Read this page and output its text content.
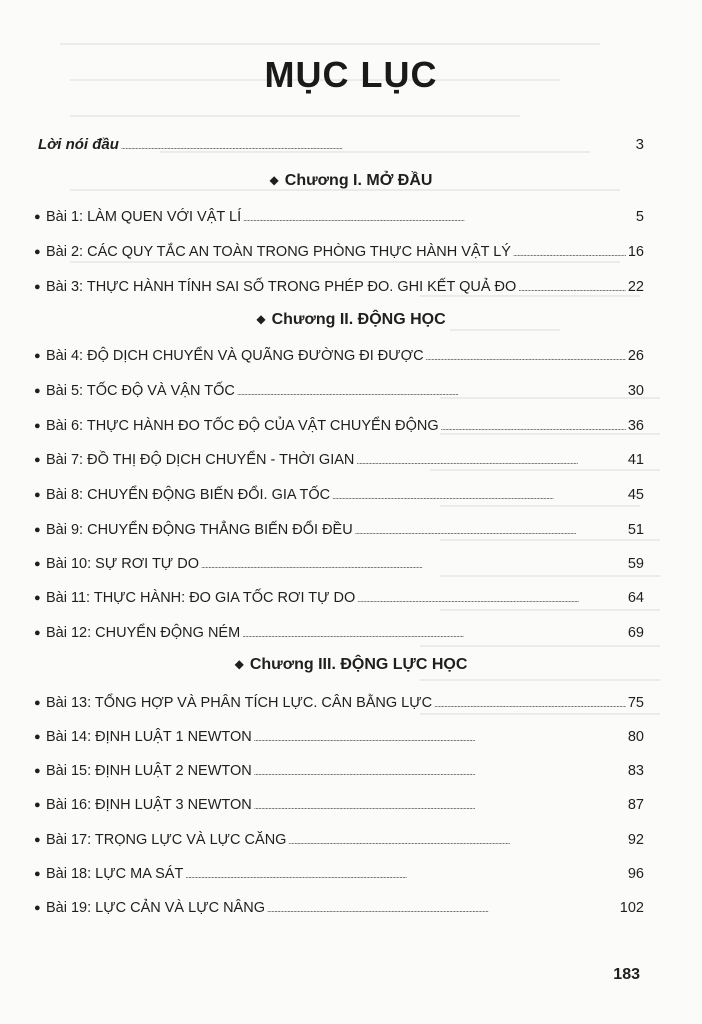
MỤC LỤC
Lời nói đầu . . .	3
◆ Chương I. MỞ ĐẦU
● Bài 1: LÀM QUEN VỚI VẬT LÍ . . .	5
● Bài 2: CÁC QUY TẮC AN TOÀN TRONG PHÒNG THỰC HÀNH VẬT LÝ . . .	16
● Bài 3: THỰC HÀNH TÍNH SAI SỐ TRONG PHÉP ĐO. GHI KẾT QUẢ ĐO . . .	22
◆ Chương II. ĐỘNG HỌC
● Bài 4: ĐỘ DỊCH CHUYỂN VÀ QUÃNG ĐƯỜNG ĐI ĐƯỢC . . .	26
● Bài 5: TỐC ĐỘ VÀ VẬN TỐC . . .	30
● Bài 6: THỰC HÀNH ĐO TỐC ĐỘ CỦA VẬT CHUYỂN ĐỘNG . . .	36
● Bài 7: ĐỒ THỊ ĐỘ DỊCH CHUYỂN - THỜI GIAN . . .	41
● Bài 8: CHUYỂN ĐỘNG BIẾN ĐỔI. GIA TỐC . . .	45
● Bài 9: CHUYỂN ĐỘNG THẲNG BIẾN ĐỔI ĐỀU . . .	51
● Bài 10: SỰ RƠI TỰ DO . . .	59
● Bài 11: THỰC HÀNH: ĐO GIA TỐC RƠI TỰ DO . . .	64
● Bài 12: CHUYỂN ĐỘNG NÉM . . .	69
◆ Chương III. ĐỘNG LỰC HỌC
● Bài 13: TỔNG HỢP VÀ PHÂN TÍCH LỰC. CÂN BẰNG LỰC . . .	75
● Bài 14: ĐỊNH LUẬT 1 NEWTON . . .	80
● Bài 15: ĐỊNH LUẬT 2 NEWTON . . .	83
● Bài 16: ĐỊNH LUẬT 3 NEWTON . . .	87
● Bài 17: TRỌNG LỰC VÀ LỰC CĂNG . . .	92
● Bài 18: LỰC MA SÁT . . .	96
● Bài 19: LỰC CẢN VÀ LỰC NÂNG . . .	102
183
